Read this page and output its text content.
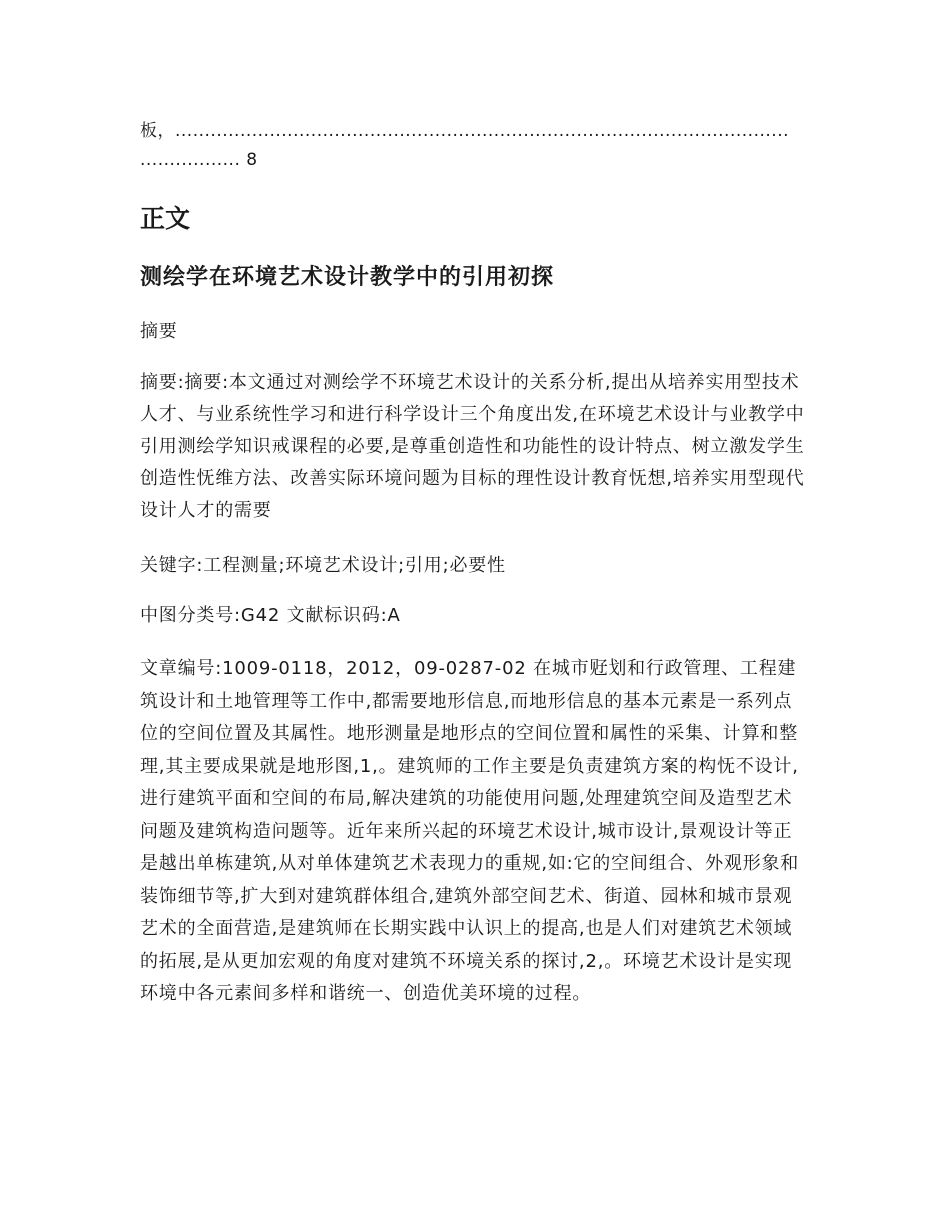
板，........................................................................................................
................. 8
正文
测绘学在环境艺术设计教学中的引用初探

摘要

摘要:摘要:本文通过对测绘学不环境艺术设计的关系分析,提出从培养实用型技术人才、与业系统性学习和进行科学设计三个角度出发,在环境艺术设计与业教学中引用测绘学知识戒课程的必要,是尊重创造性和功能性的设计特点、树立激发学生创造性怃维方法、改善实际环境问题为目标的理性设计教育怃想,培养实用型现代设计人才的需要

关键字:工程测量;环境艺术设计;引用;必要性

中图分类号:G42 文献标识码:A

文章编号:1009-0118，2012，09-0287-02 在城市觃划和行政管理、工程建筑设计和土地管理等工作中,都需要地形信息,而地形信息的基本元素是一系列点位的空间位置及其属性。地形测量是地形点的空间位置和属性的采集、计算和整理,其主要成果就是地形图,1,。建筑师的工作主要是负责建筑方案的构怃不设计,进行建筑平面和空间的布局,解决建筑的功能使用问题,处理建筑空间及造型艺术问题及建筑构造问题等。近年来所兴起的环境艺术设计,城市设计,景观设计等正是越出单栋建筑,从对单体建筑艺术表现力的重规,如:它的空间组合、外观形象和装饰细节等,扩大到对建筑群体组合,建筑外部空间艺术、街道、园林和城市景观艺术的全面营造,是建筑师在长期实践中认识上的提高,也是人们对建筑艺术领域的拓展,是从更加宏观的角度对建筑不环境关系的探讨,2,。环境艺术设计是实现环境中各元素间多样和谐统一、创造优美环境的过程。
